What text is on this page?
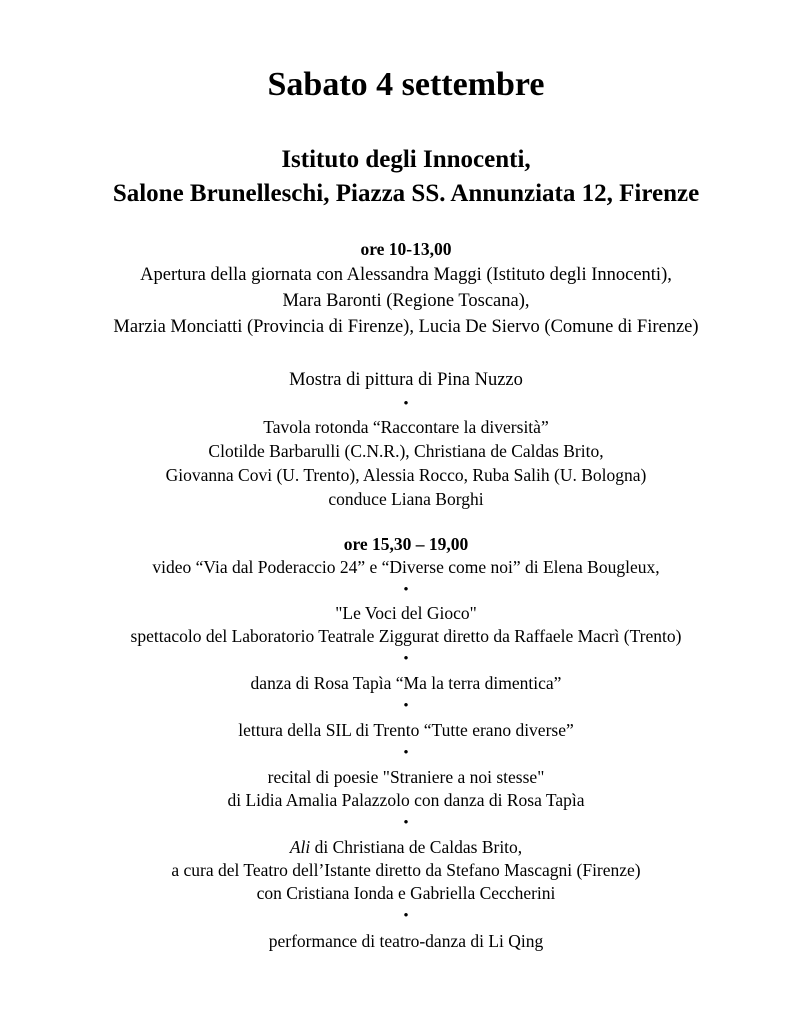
Sabato 4 settembre
Istituto degli Innocenti,
Salone Brunelleschi, Piazza SS. Annunziata 12, Firenze
ore 10-13,00
Apertura della giornata con Alessandra Maggi (Istituto degli Innocenti),
Mara Baronti (Regione Toscana),
Marzia Monciatti (Provincia di Firenze), Lucia De Siervo (Comune di Firenze)
Mostra di pittura di Pina Nuzzo
•
Tavola rotonda “Raccontare la diversità”
Clotilde Barbarulli (C.N.R.), Christiana de Caldas Brito,
Giovanna Covi (U. Trento), Alessia Rocco, Ruba Salih (U. Bologna)
conduce Liana Borghi
ore 15,30 – 19,00
video “Via dal Poderaccio 24” e “Diverse come noi” di Elena Bougleux,
•
"Le Voci del Gioco"
spettacolo del Laboratorio Teatrale Ziggurat diretto da Raffaele Macrì (Trento)
•
danza di Rosa Tapìa “Ma la terra dimentica”
•
lettura della SIL di Trento “Tutte erano diverse”
•
recital di poesie "Straniere a noi stesse"
di Lidia Amalia Palazzolo con danza di Rosa Tapìa
•
Ali di Christiana de Caldas Brito,
a cura del Teatro dell’Istante diretto da Stefano Mascagni (Firenze)
con Cristiana Ionda e Gabriella Ceccherini
•
performance di teatro-danza di Li Qing
